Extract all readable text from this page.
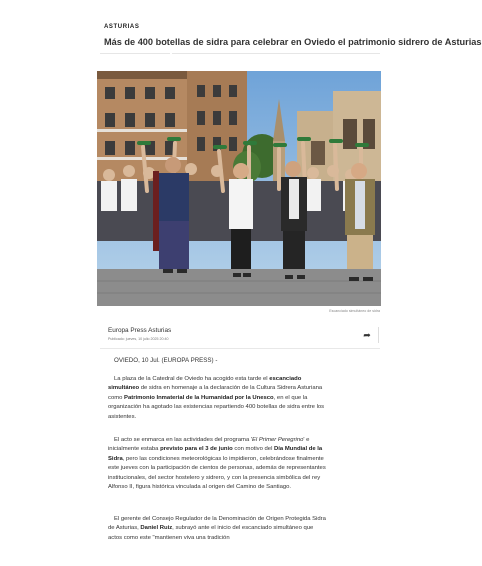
ASTURIAS
Más de 400 botellas de sidra para celebrar en Oviedo el patrimonio sidrero de Asturias
Escanciado simultáneo de sidra
Europa Press Asturias
Publicado: jueves, 10 julio 2025 20:40	➦
OVIEDO, 10 Jul. (EUROPA PRESS) -

La plaza de la Catedral de Oviedo ha acogido esta tarde el escanciado simultáneo de sidra en homenaje a la declaración de la Cultura Sidrera Asturiana como Patrimonio Inmaterial de la Humanidad por la Unesco, en el que la organización ha agotado las existencias repartiendo 400 botellas de sidra entre los asistentes.

El acto se enmarca en las actividades del programa 'El Primer Peregrino' e inicialmente estaba previsto para el 3 de junio con motivo del Día Mundial de la Sidra, pero las condiciones meteorológicas lo impidieron, celebrándose finalmente este jueves con la participación de cientos de personas, además de representantes institucionales, del sector hostelero y sidrero, y con la presencia simbólica del rey Alfonso II, figura histórica vinculada al origen del Camino de Santiago.

El gerente del Consejo Regulador de la Denominación de Origen Protegida Sidra de Asturias, Daniel Ruiz, subrayó ante el inicio del escanciado simultáneo que actos como este "mantienen viva una tradición
